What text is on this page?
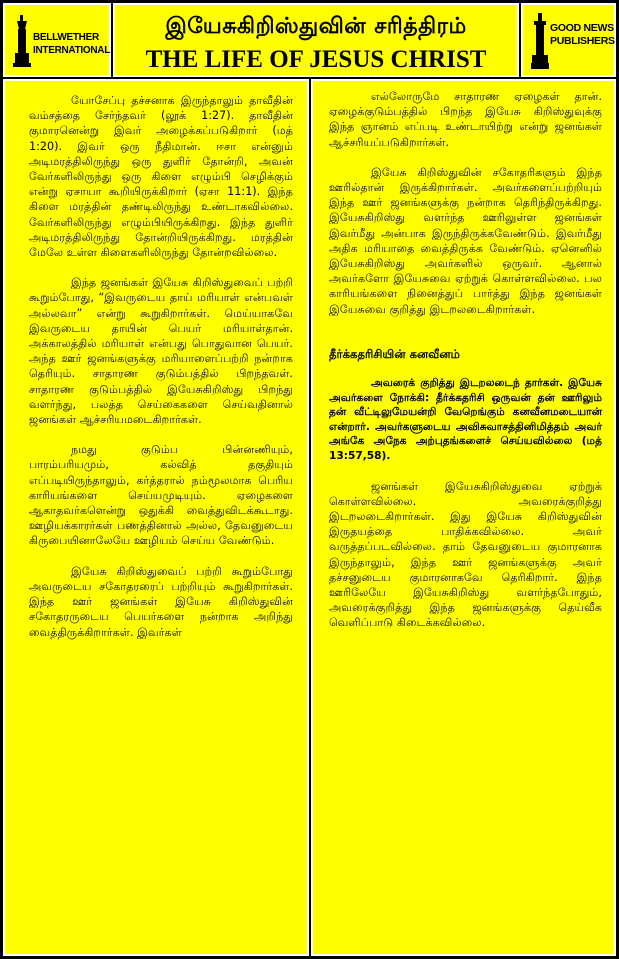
BELLWETHER
INTERNATIONAL
இயேசுகிறிஸ்துவின் சரித்திரம்
THE LIFE OF JESUS CHRIST
GOOD NEWS
PUBLISHERS

யோசேப்பு தச்சனாக இருந்தாலும் தாவீதின் வம்சத்தை சேர்ந்தவர் (லூக் 1:27). தாவீதின் குமாரனென்று இவர் அழைக்கப்படுகிறார் (மத் 1:20). இவர் ஒரு நீதிமான். ஈசா என்னும் அடிமரத்திலிருந்து ஒரு துளிர் தோன்றி, அவன் வேர்களிலிருந்து ஒரு கிளை எழும்பி செழிக்கும் என்று ஏசாயா கூறியிருக்கிறார் (ஏசா 11:1). இந்த கிளை மரத்தின் தண்டிலிருந்து உண்டாகவில்லை. வேர்களிலிருந்து எழும்பியிருக்கிறது. இந்த துளிர் அடிமரத்திலிருந்து தோன்றியிருக்கிறது. மரத்தின் மேலே உள்ள கிளைகளிலிருந்து தோன்றவில்லை.

இந்த ஜனங்கள் இயேசு கிறிஸ்துவைப் பற்றி கூறும்போது, “இவருடைய தாய் மரியாள் என்பவள் அல்லவா” என்று கூறுகிறார்கள். மெய்யாகவே இவருடைய தாயின் பெயர் மரியாள்தான். அக்காலத்தில் மரியாள் என்பது பொதுவான பெயர். அந்த ஊர் ஜனங்களுக்கு மரியாளைப்பற்றி நன்றாக தெரியும். சாதாரண குடும்பத்தில் பிறந்தவள். சாதாரண குடும்பத்தில் இயேசுகிறிஸ்து பிறந்து வளர்ந்து, பலத்த செய்கைகளை செய்வதினால் ஜனங்கள் ஆச்சரியமடைகிறார்கள்.

நமது குடும்ப பின்னணியும், பாரம்பரியமும், கல்வித் தகுதியும் எப்படியிருந்தாலும், கர்த்தரால் நம்மூலமாக பெரிய காரியங்களை செய்யமுடியும். ஏழைகளை ஆகாதவர்களென்று ஒதுக்கி வைத்துவிடக்கூடாது. ஊழியக்காரர்கள் பணத்தினால் அல்ல, தேவனுடைய கிருபையினாலேயே ஊழியம் செய்ய வேண்டும்.

இயேசு கிறிஸ்துவைப் பற்றி கூறும்போது அவருடைய சகோதரரைப் பற்றியும் கூறுகிறார்கள். இந்த ஊர் ஜனங்கள் இயேசு கிறிஸ்துவின் சகோதரருடைய பெயர்களை நன்றாக அறிந்து வைத்திருக்கிறார்கள். இவர்கள்

எல்லோருமே சாதாரண ஏழைகள் தான். ஏழைக்குடும்பத்தில் பிறந்த இயேசு கிறிஸ்துவுக்கு இந்த ஞானம் எப்படி உண்டாயிற்று என்று ஜனங்கள் ஆச்சரியப்படுகிறார்கள்.

இயேசு கிறிஸ்துவின் சகோதரிகளும் இந்த ஊரில்தான் இருக்கிறார்கள். அவர்களைப்பற்றியும் இந்த ஊர் ஜனங்களுக்கு நன்றாக தெரிந்திருக்கிறது. இயேசுகிறிஸ்து வளர்ந்த ஊரிலுள்ள ஜனங்கள் இவர்மீது அன்பாக இருந்திருக்கவேண்டும். இவர்மீது அதிக மரியாதை வைத்திருக்க வேண்டும். ஏனெனில் இயேசுகிறிஸ்து அவர்களில் ஒருவர். ஆனால் அவர்களோ இயேசுவை ஏற்றுக் கொள்ளவில்லை. பல காரியங்களை நினைத்துப் பார்த்து இந்த ஜனங்கள் இயேசுவை குறித்து இடறலடைகிறார்கள்.

தீர்க்கதரிசியின் கனவீனம்

அவரைக் குறித்து இடறலடைந் தார்கள். இயேசு அவர்களை நோக்கி: தீர்க்கதரிசி ஒருவன் தன் ஊரிலும் தன் வீட்டிலுமேயன்றி வேறெங்கும் கனவீனமடையான் என்றார். அவர்களுடைய அவிசுவாசத்தினிமித்தம் அவர் அங்கே அநேக அற்புதங்களைச் செய்யவில்லை (மத் 13:57,58).

ஜனங்கள் இயேசுகிறிஸ்துவை ஏற்றுக் கொள்ளவில்லை. அவரைக்குறித்து இடறலடைகிறார்கள். இது இயேசு கிறிஸ்துவின் இருதயத்தை பாதிக்கவில்லை. அவர் வருத்தப்படவில்லை. தாம் தேவனுடைய குமாரனாக இருந்தாலும், இந்த ஊர் ஜனங்களுக்கு அவர் தச்சனுடைய குமாரனாகவே தெரிகிறார். இந்த ஊரிலேயே இயேசுகிறிஸ்து வளர்ந்தபோதும், அவரைக்குறித்து இந்த ஜனங்களுக்கு தெய்வீக வெளிப்பாடு கிடைக்கவில்லை.
